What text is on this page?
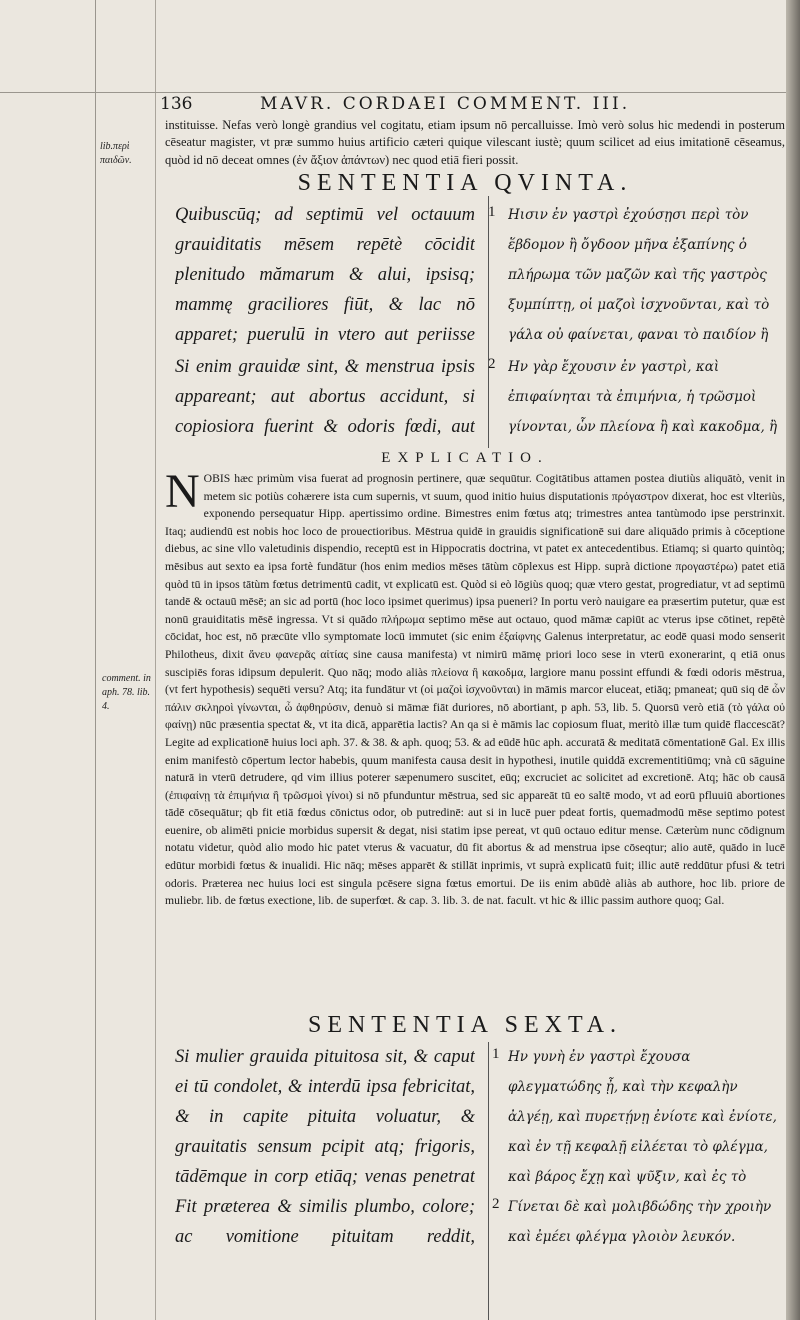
136	MAVR. CORDAEI COMMENT. III.
lib.περὶ παιδῶν.
comment. in aph. 78. lib. 4.

instituisse. Nefas verò longè grandius vel cogitatu, etiam ipsum nō percalluisse. Imò verò solus hic medendi in posterum cēseatur magister, vt præ summo huius artificio cæteri quique vilescant iustè; quum scilicet ad eius imitationē cēseamus, quòd id nō deceat omnes (ἐν ἄξιον ἁπάντων) nec quod etiā fieri possit.

SENTENTIA QVINTA.

Quibuscūq; ad septimū vel octauum grauiditatis mēsem repētè cōcidit plenitudo mămarum & alui, ipsisq; mammę graciliores fiūt, & lac nō apparet; puerulū in vtero aut periisse

1 Ηισιν ἐν γαστρὶ ἐχούσῃσι περὶ τὸν ἕβδομον ἢ ὄγδοον μῆνα ἐξαπίνης ὁ πλήρωμα τῶν μαζῶν καὶ τῆς γαστρὸς ξυμπίπτῃ, οἱ μαζοὶ ἰσχνοῦνται, καὶ τὸ γάλα οὐ φαίνεται, φαναι τὸ παιδίον ἢ

Si enim grauidæ sint, & menstrua ipsis appareant; aut abortus accidunt, si copiosiora fuerint & odoris fœdi, aut

2 Ην γὰρ ἔχουσιν ἐν γαστρὶ, καὶ ἐπιφαίνηται τὰ ἐπιμήνια, ἡ τρῶσμοὶ γίνονται, ὧν πλείονα ἢ καὶ κακοδμα, ἢ

EXPLICATIO.
N OBIS hæc primùm visa fuerat ad prognosin pertinere, quæ sequūtur. Cogitātibus attamen postea diutiùs aliquātò, venit in metem sic potiùs cohærere ista cum supernis, vt suum, quod initio huius disputationis πρόγαστρον dixerat, hoc est vlteriùs, exponendo persequatur Hipp. apertissimo ordine. Bimestres enim fœtus atq; trimestres antea tantùmodo ipse perstrinxit. Itaq; audiendū est nobis hoc loco de prouectioribus. Mēstrua quidē in grauidis significationē sui dare aliquādo primis à cōceptione diebus, ac sine vllo valetudinis dispendio, receptū est in Hippocratis doctrina, vt patet ex antecedentibus. Etiamq; si quarto quintòq; mēsibus aut sexto ea ipsa fortè fundātur (hos enim medios mēses tātùm cōplexus est Hipp. suprà dictione προγαστέρω) patet etiā quòd tū in ipsos tātùm fœtus detrimentū cadit, vt explicatū est. Quòd si eò lōgiùs quoq; quæ vtero gestat, progrediatur, vt ad septimū tandē & octauū mēsē; an sic ad portū (hoc loco ipsimet querimus) ipsa pueneri? In portu verò nauigare ea præsertim putetur, quæ est nonū grauiditatis mēsē ingressa. Vt si quādo πλήρωμα septimo mēse aut octauo, quod māmæ capiūt ac vterus ipse cōtinet, repētè cōcidat, hoc est, nō præcūte vllo symptomate locū immutet (sic enim ἐξαίφνης Galenus interpretatur, ac eodē quasi modo senserit Philotheus, dixit ἄνευ φανερᾶς αἰτίας sine causa manifesta) vt nimirū māmę priori loco sese in vterū exonerarint, q etiā onus suscipiēs foras idipsum depulerit. Quo nāq; modo aliàs πλείονα ἢ κακοδμα, largiore manu possint effundi & fœdi odoris mēstrua, (vt fert hypothesis) sequēti versu? Atq; ita fundātur vt (οἱ μαζοὶ ἰσχνοῦνται) in māmis marcor eluceat, etiāq; pmaneat; quū siq dē ὧν πάλιν σκληροὶ γίνωνται, ὦ ἀφθηρύσιν, denuò si māmæ fiāt duriores, nō abortiant, p aph. 53, lib. 5. Quorsū verò etiā (τὸ γάλα οὐ φαίνῃ) nūc præsentia spectat &, vt ita dicā, apparētia lactis? An qa si è māmis lac copiosum fluat, meritò illæ tum quidē flaccescāt? Legite ad explicationē huius loci aph. 37. & 38. & aph. quoq; 53. & ad eūdē hūc aph. accuratā & meditatā cōmentationē Gal. Ex illis enim manifestò cōpertum lector habebis, quum manifesta causa desit in hypothesi, inutile quiddā excrementitiūmq; vnà cū sāguine naturā in vterū detrudere, qd vim illius poterer sæpenumero suscitet, eūq; excruciet ac solicitet ad excretionē. Atq; hāc ob causā (ἐπιφαίνῃ τὰ ἐπιμήνια ἢ τρῶσμοὶ γίνοι) si nō pfunduntur mēstrua, sed sic appareāt tū eo saltē modo, vt ad eorū pfluuiū abortiones tādē cōsequātur; qb fit etiā fœdus cōnictus odor, ob putredinē: aut si in lucē puer pdeat fortis, quemadmodū mēse septimo potest euenire, ob alimēti pnicie morbidus supersit & degat, nisi statim ipse pereat, vt quū octauo editur mense. Cæterùm nunc cōdignum notatu videtur, quòd alio modo hic patet vterus & vacuatur, dū fit abortus & ad menstrua ipse cōseqtur; alio autē, quādo in lucē edūtur morbidi fœtus & inualidi. Hic nāq; mēses apparēt & stillāt inprimis, vt suprà explicatū fuit; illic autē reddūtur pfusi & tetri odoris. Præterea nec huius loci est singula pcēsere signa fœtus emortui. De iis enim abūdè aliàs ab authore, hoc lib. priore de muliebr. lib. de fœtus exectione, lib. de superfœt. & cap. 3. lib. 3. de nat. facult. vt hic & illic passim authore quoq; Gal.
SENTENTIA SEXTA.

Si mulier grauida pituitosa sit, & caput ei tū condolet, & interdū ipsa febricitat, & in capite pituita voluatur, & grauitatis sensum pcipit atq; frigoris, tādēmque in corp etiāq; venas penetrat

1 Ην γυνὴ ἐν γαστρὶ ἔχουσα φλεγματώδης ᾖ, καὶ τὴν κεφαλὴν ἀλγέῃ, καὶ πυρετῄνῃ ἐνίοτε καὶ ἐνίοτε, καὶ ἐν τῇ κεφαλῇ εἰλέεται τὸ φλέγμα, καὶ βάρος ἔχῃ καὶ ψῦξιν, καὶ ἐς τὸ

Fit præterea & similis plumbo, colore; ac vomitione pituitam reddit,

2 Γίνεται δὲ καὶ μολιβδώδης τὴν χροιὴν καὶ ἐμέει φλέγμα γλοιὸν λευκόν.
